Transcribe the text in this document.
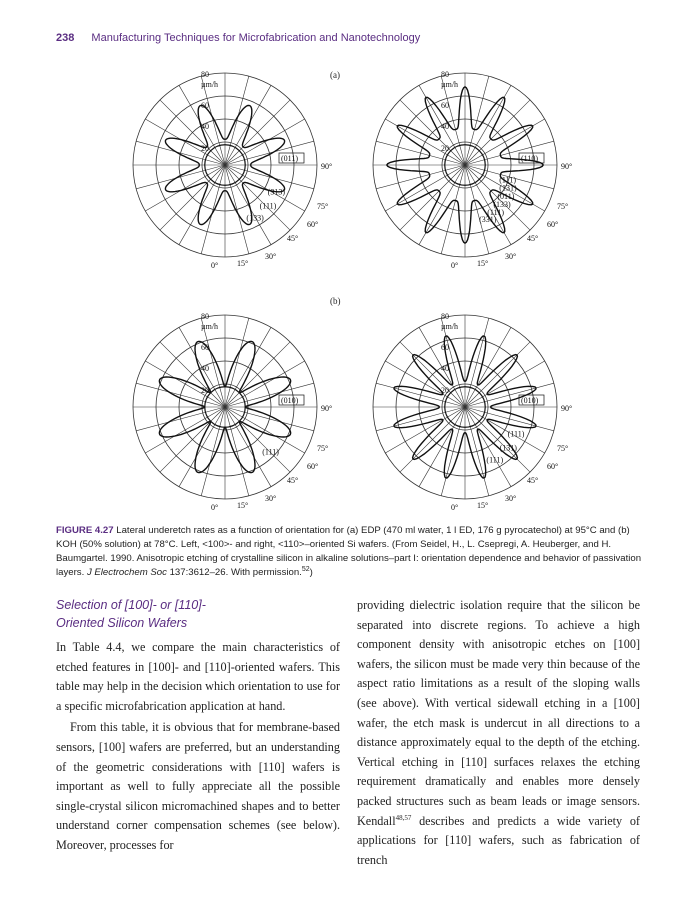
238 Manufacturing Techniques for Microfabrication and Nanotechnology
(a)
(b)
80
µm/h
60
40
20
0° 15°
30°
45°
60°
75°
90°
(011)
(133)
(111)
(313)
80
µm/h
60
40
20
0° 15°
30°
45°
60°
75°
90°
(110)
(331)
(111)
(133)
(011)
(131)
(111)
80
µm/h
60
40
20
0° 15°
30°
45°
60°
75°
90°
(010)
(111)
80
µm/h
60
40
20
0° 15°
30°
45°
60°
75°
90°
(010)
(111)
(131)
(111)
FIGURE 4.27 Lateral underetch rates as a function of orientation for (a) EDP (470 ml water, 1 l ED, 176 g pyrocatechol) at 95°C and (b) KOH (50% solution) at 78°C. Left, <100>- and right, <110>–oriented Si wafers. (From Seidel, H., L. Csepregi, A. Heuberger, and H. Baumgartel. 1990. Anisotropic etching of crystalline silicon in alkaline solutions–part I: orientation dependence and behavior of passivation layers. J Electrochem Soc 137:3612–26. With permission.$^{52}$)
Selection of [100]- or [110]-
Oriented Silicon Wafers

In Table 4.4, we compare the main characteristics of etched features in [100]- and [110]-oriented wafers. This table may help in the decision which orientation to use for a specific microfabrication application at hand.

From this table, it is obvious that for membrane-based sensors, [100] wafers are preferred, but an understanding of the geometric considerations with [110] wafers is important as well to fully appreciate all the possible single-crystal silicon micromachined shapes and to better understand corner compensation schemes (see below). Moreover, processes for

providing dielectric isolation require that the silicon be separated into discrete regions. To achieve a high component density with anisotropic etches on [100] wafers, the silicon must be made very thin because of the aspect ratio limitations as a result of the sloping walls (see above). With vertical sidewall etching in a [100] wafer, the etch mask is undercut in all directions to a distance approximately equal to the depth of the etching. Vertical etching in [110] surfaces relaxes the etching requirement dramatically and enables more densely packed structures such as beam leads or image sensors. Kendall$^{48,57}$ describes and predicts a wide variety of applications for [110] wafers, such as fabrication of trench
